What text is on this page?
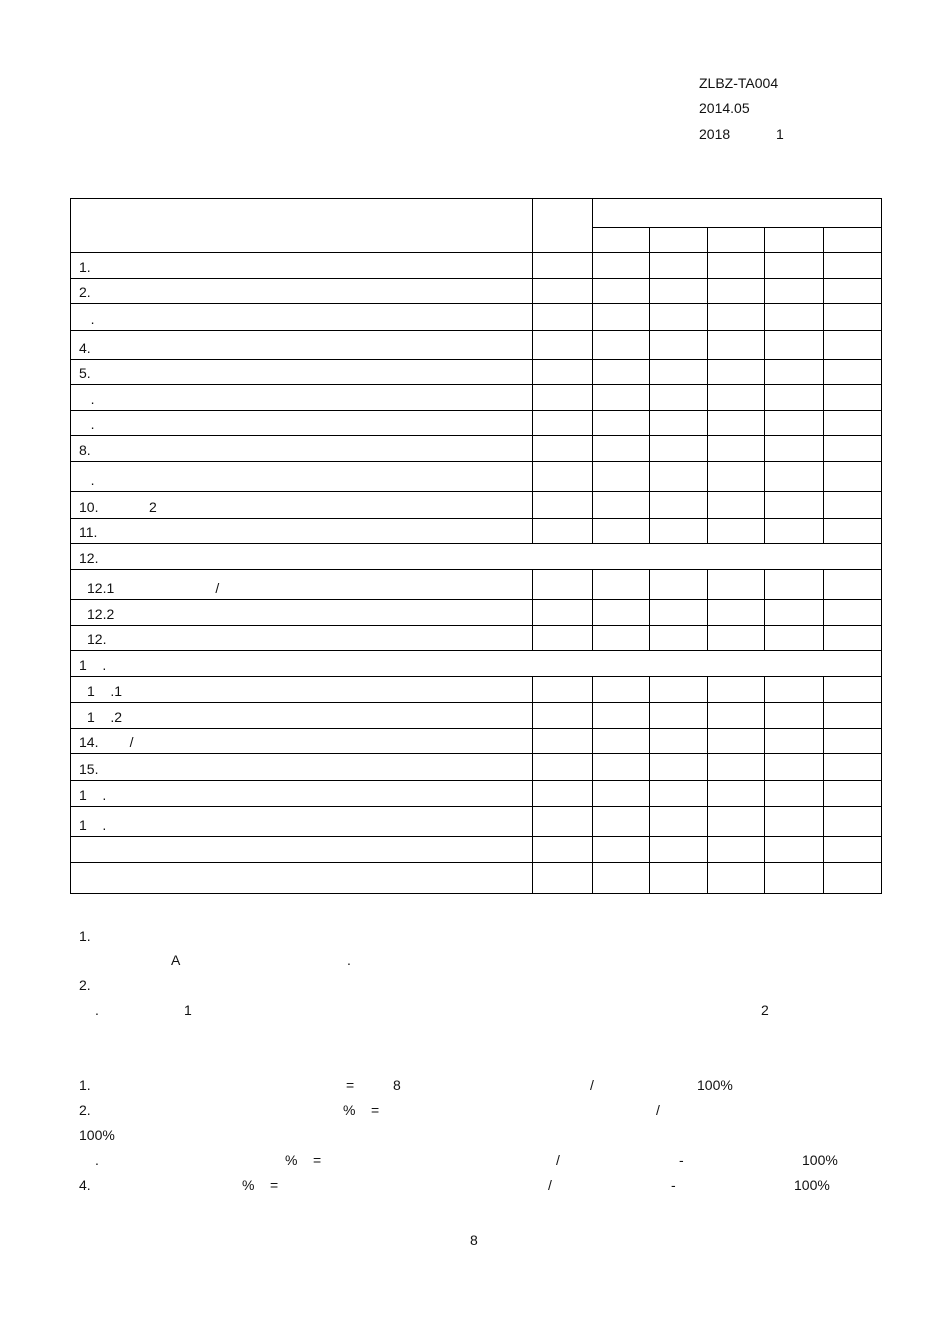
ZLBZ-TA004
2014.05
2018	1

1.						

2.						

.						

4.						

5.						

.						

.						

8.						

.						

10.             2						

11.						

12.						

12.1                          /						

12.2						

12.						

1    .						

1    .1						

1    .2						

14.        /						

15.						

1    .						

1    .						

1.
A	.
2.
.	1	2
1.	=	8	/	100%
2.	% =	/
100%
.	% =	/	-	100%
4.	% =	/	-	100%
8
